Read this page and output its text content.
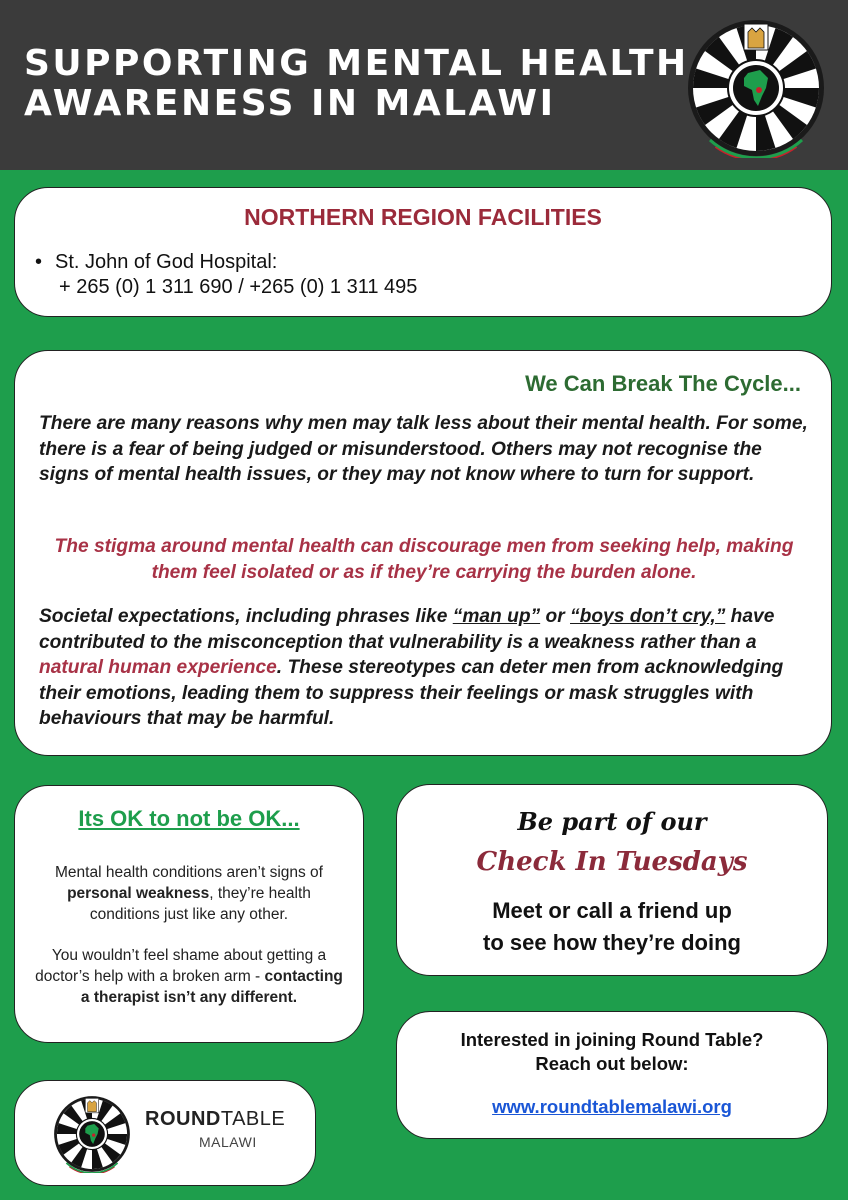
SUPPORTING MENTAL HEALTH
AWARENESS IN MALAWI
NORTHERN REGION FACILITIES
• St. John of God Hospital:
+ 265 (0) 1 311 690 / +265 (0) 1 311 495
We Can Break The Cycle...
There are many reasons why men may talk less about their mental health. For some, there is a fear of being judged or misunderstood. Others may not recognise the signs of mental health issues, or they may not know where to turn for support.
The stigma around mental health can discourage men from seeking help, making them feel isolated or as if they’re carrying the burden alone.
Societal expectations, including phrases like “man up” or “boys don’t cry,” have contributed to the misconception that vulnerability is a weakness rather than a natural human experience. These stereotypes can deter men from acknowledging their emotions, leading them to suppress their feelings or mask struggles with behaviours that may be harmful.
Its OK to not be OK...
Mental health conditions aren’t signs of personal weakness, they’re health conditions just like any other.
You wouldn’t feel shame about getting a doctor’s help with a broken arm - contacting a therapist isn’t any different.
ROUNDTABLE
MALAWI
Be part of our
Check In Tuesdays
Meet or call a friend up
to see how they’re doing
Interested in joining Round Table?
Reach out below:
www.roundtablemalawi.org
